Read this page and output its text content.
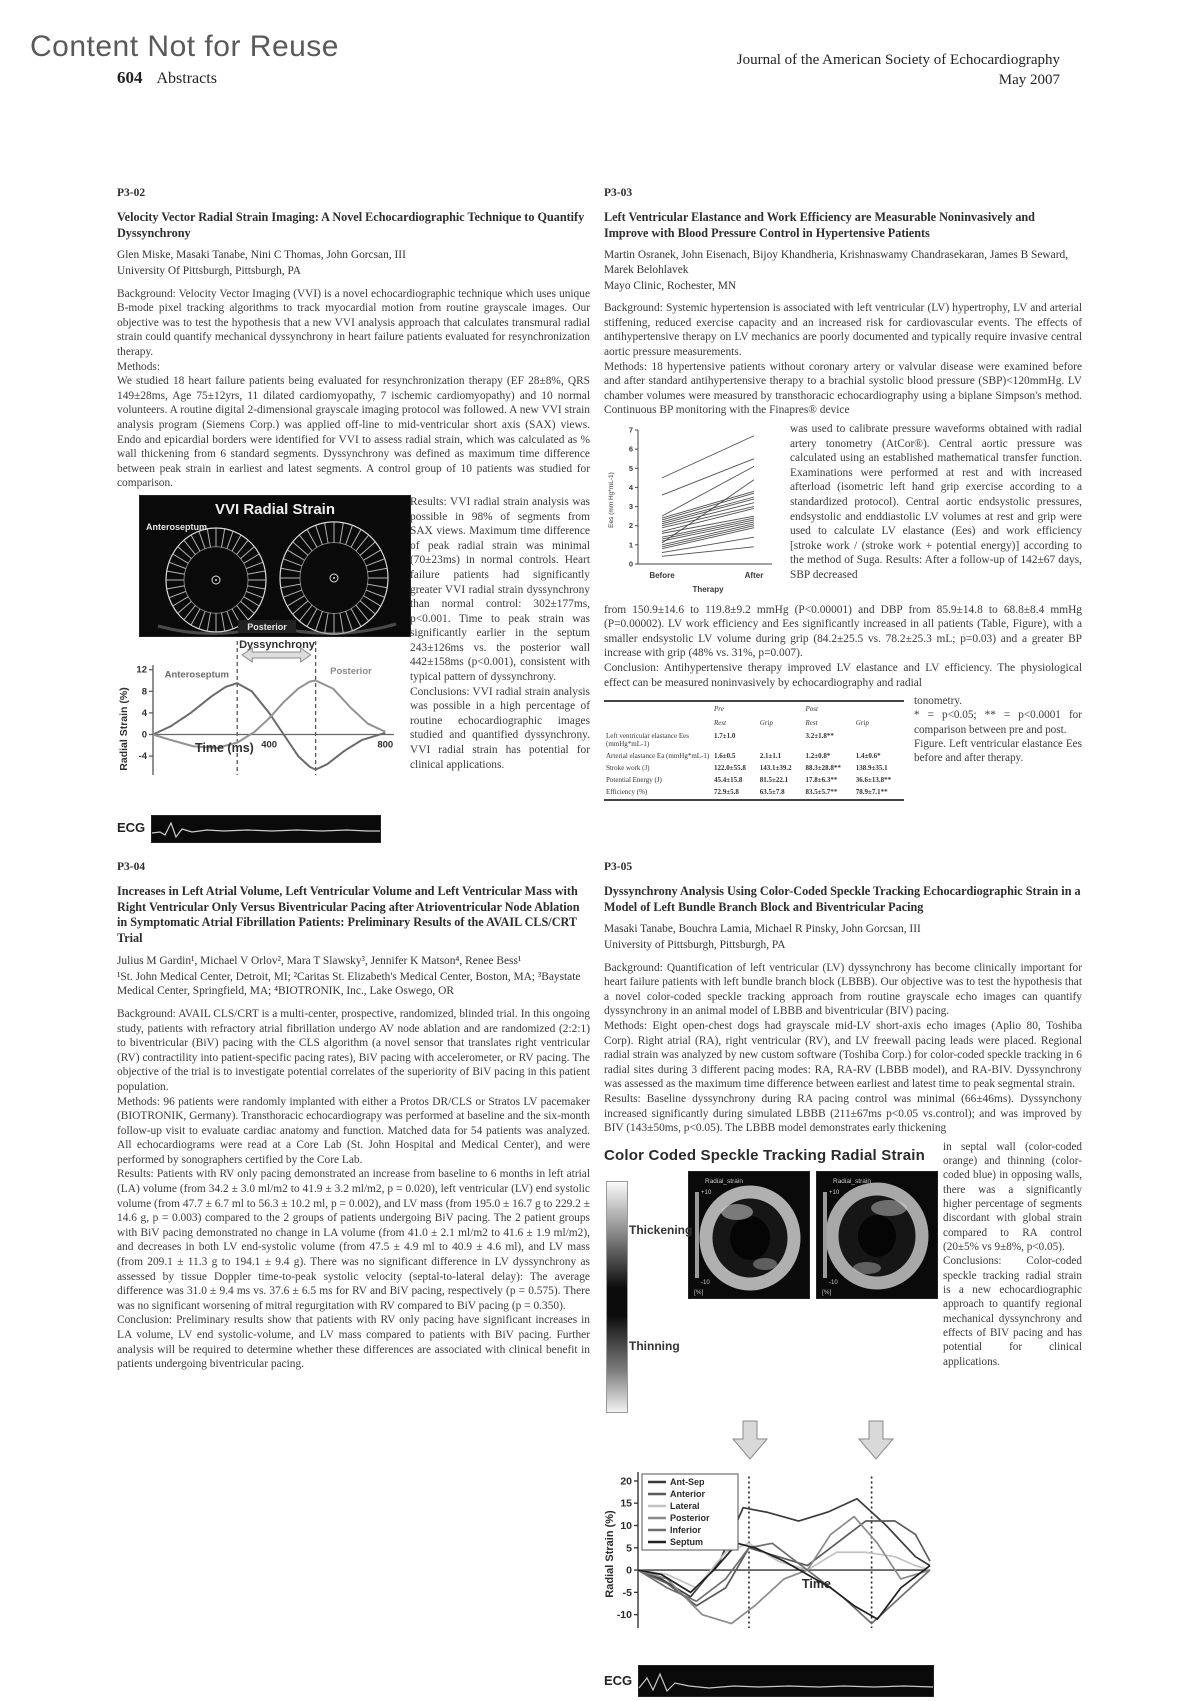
Content Not for Reuse
604 Abstracts
Journal of the American Society of Echocardiography
May 2007
P3-02
Velocity Vector Radial Strain Imaging: A Novel Echocardiographic Technique to Quantify Dyssynchrony
Glen Miske, Masaki Tanabe, Nini C Thomas, John Gorcsan, III
University Of Pittsburgh, Pittsburgh, PA

Background: Velocity Vector Imaging (VVI) is a novel echocardiographic technique which uses unique B-mode pixel tracking algorithms to track myocardial motion from routine grayscale images. Our objective was to test the hypothesis that a new VVI analysis approach that calculates transmural radial strain could quantify mechanical dyssynchrony in heart failure patients evaluated for resynchronization therapy.

Methods:

We studied 18 heart failure patients being evaluated for resynchronization therapy (EF 28±8%, QRS 149±28ms, Age 75±12yrs, 11 dilated cardiomyopathy, 7 ischemic cardiomyopathy) and 10 normal volunteers. A routine digital 2-dimensional grayscale imaging protocol was followed. A new VVI strain analysis program (Siemens Corp.) was applied off-line to mid-ventricular short axis (SAX) views. Endo and epicardial borders were identified for VVI to assess radial strain, which was calculated as % wall thickening from 6 standard segments. Dyssynchrony was defined as maximum time difference between peak strain in earliest and latest segments. A control group of 10 patients was studied for comparison.

VVI Radial Strain
Anteroseptum
Posterior
Dyssynchrony
Radial Strain (%)
12
8
4
0
-4
400	800
Anteroseptum	Posterior
Time (ms)
ECG

Results: VVI radial strain analysis was possible in 98% of segments from SAX views. Maximum time difference of peak radial strain was minimal (70±23ms) in normal controls. Heart failure patients had significantly greater VVI radial strain dyssynchrony than normal control: 302±177ms, p<0.001. Time to peak strain was significantly earlier in the septum 243±126ms vs. the posterior wall 442±158ms (p<0.001), consistent with typical pattern of dyssynchrony.

Conclusions: VVI radial strain analysis was possible in a high percentage of routine echocardiographic images studied and quantified dyssynchrony. VVI radial strain has potential for clinical applications.

P3-03
Left Ventricular Elastance and Work Efficiency are Measurable Noninvasively and Improve with Blood Pressure Control in Hypertensive Patients
Martin Osranek, John Eisenach, Bijoy Khandheria, Krishnaswamy Chandrasekaran, James B Seward, Marek Belohlavek
Mayo Clinic, Rochester, MN

Background: Systemic hypertension is associated with left ventricular (LV) hypertrophy, LV and arterial stiffening, reduced exercise capacity and an increased risk for cardiovascular events. The effects of antihypertensive therapy on LV mechanics are poorly documented and typically require invasive central aortic pressure measurements.

Methods: 18 hypertensive patients without coronary artery or valvular disease were examined before and after standard antihypertensive therapy to a brachial systolic blood pressure (SBP)<120mmHg. LV chamber volumes were measured by transthoracic echocardiography using a biplane Simpson's method. Continuous BP monitoring with the Finapres® device

Ees (mm Hg*mL-1)
0
1
2
3
4
5
6
7
Before	After
Therapy

was used to calibrate pressure waveforms obtained with radial artery tonometry (AtCor®). Central aortic pressure was calculated using an established mathematical transfer function. Examinations were performed at rest and with increased afterload (isometric left hand grip exercise according to a standardized protocol). Central aortic endsystolic pressures, endsystolic and enddiastolic LV volumes at rest and grip were used to calculate LV elastance (Ees) and work efficiency [stroke work / (stroke work + potential energy)] according to the method of Suga. Results: After a follow-up of 142±67 days, SBP decreased

from 150.9±14.6 to 119.8±9.2 mmHg (P<0.00001) and DBP from 85.9±14.8 to 68.8±8.4 mmHg (P=0.00002). LV work efficiency and Ees significantly increased in all patients (Table, Figure), with a smaller endsystolic LV volume during grip (84.2±25.5 vs. 78.2±25.3 mL; p=0.03) and a greater BP increase with grip (48% vs. 31%, p=0.007).

Conclusion: Antihypertensive therapy improved LV elastance and LV efficiency. The physiological effect can be measured noninvasively by echocardiography and radial

	Pre		Post	
	Rest	Grip	Rest	Grip
Left ventricular elastance Ees (mmHg*mL-1)	1.7±1.0		3.2±1.8**	
Arterial elastance Ea (mmHg*mL-1)	1.6±0.5	2.1±1.1	1.2±0.8*	1.4±0.6*
Stroke work (J)	122.0±55.8	143.1±39.2	88.3±28.8**	138.9±35.1
Potential Energy (J)	45.4±15.8	81.5±22.1	17.8±6.3**	36.6±13.8**
Efficiency (%)	72.9±5.8	63.5±7.8	83.5±5.7**	78.9±7.1**

tonometry.

* = p<0.05; ** = p<0.0001 for comparison between pre and post.

Figure. Left ventricular elastance Ees before and after therapy.

P3-04
Increases in Left Atrial Volume, Left Ventricular Volume and Left Ventricular Mass with Right Ventricular Only Versus Biventricular Pacing after Atrioventricular Node Ablation in Symptomatic Atrial Fibrillation Patients: Preliminary Results of the AVAIL CLS/CRT Trial
Julius M Gardin¹, Michael V Orlov², Mara T Slawsky³, Jennifer K Matson⁴, Renee Bess¹
¹St. John Medical Center, Detroit, MI; ²Caritas St. Elizabeth's Medical Center, Boston, MA; ³Baystate Medical Center, Springfield, MA; ⁴BIOTRONIK, Inc., Lake Oswego, OR

Background: AVAIL CLS/CRT is a multi-center, prospective, randomized, blinded trial. In this ongoing study, patients with refractory atrial fibrillation undergo AV node ablation and are randomized (2:2:1) to biventricular (BiV) pacing with the CLS algorithm (a novel sensor that translates right ventricular (RV) contractility into patient-specific pacing rates), BiV pacing with accelerometer, or RV pacing. The objective of the trial is to investigate potential correlates of the superiority of BiV pacing in this patient population.

Methods: 96 patients were randomly implanted with either a Protos DR/CLS or Stratos LV pacemaker (BIOTRONIK, Germany). Transthoracic echocardiograpy was performed at baseline and the six-month follow-up visit to evaluate cardiac anatomy and function. Matched data for 54 patients was analyzed. All echocardiograms were read at a Core Lab (St. John Hospital and Medical Center), and were performed by sonographers certified by the Core Lab.

Results: Patients with RV only pacing demonstrated an increase from baseline to 6 months in left atrial (LA) volume (from 34.2 ± 3.0 ml/m2 to 41.9 ± 3.2 ml/m2, p = 0.020), left ventricular (LV) end systolic volume (from 47.7 ± 6.7 ml to 56.3 ± 10.2 ml, p = 0.002), and LV mass (from 195.0 ± 16.7 g to 229.2 ± 14.6 g, p = 0.003) compared to the 2 groups of patients undergoing BiV pacing. The 2 patient groups with BiV pacing demonstrated no change in LA volume (from 41.0 ± 2.1 ml/m2 to 41.6 ± 1.9 ml/m2), and decreases in both LV end-systolic volume (from 47.5 ± 4.9 ml to 40.9 ± 4.6 ml), and LV mass (from 209.1 ± 11.3 g to 194.1 ± 9.4 g). There was no significant difference in LV dyssynchrony as assessed by tissue Doppler time-to-peak systolic velocity (septal-to-lateral delay): The average difference was 31.0 ± 9.4 ms vs. 37.6 ± 6.5 ms for RV and BiV pacing, respectively (p = 0.575). There was no significant worsening of mitral regurgitation with RV compared to BiV pacing (p = 0.350).

Conclusion: Preliminary results show that patients with RV only pacing have significant increases in LA volume, LV end systolic-volume, and LV mass compared to patients with BiV pacing. Further analysis will be required to determine whether these differences are associated with clinical benefit in patients undergoing biventricular pacing.

P3-05
Dyssynchrony Analysis Using Color-Coded Speckle Tracking Echocardiographic Strain in a Model of Left Bundle Branch Block and Biventricular Pacing
Masaki Tanabe, Bouchra Lamia, Michael R Pinsky, John Gorcsan, III
University of Pittsburgh, Pittsburgh, PA

Background: Quantification of left ventricular (LV) dyssynchrony has become clinically important for heart failure patients with left bundle branch block (LBBB). Our objective was to test the hypothesis that a novel color-coded speckle tracking approach from routine grayscale echo images can quantify dyssynchrony in an animal model of LBBB and biventricular (BIV) pacing.

Methods: Eight open-chest dogs had grayscale mid-LV short-axis echo images (Aplio 80, Toshiba Corp). Right atrial (RA), right ventricular (RV), and LV freewall pacing leads were placed. Regional radial strain was analyzed by new custom software (Toshiba Corp.) for color-coded speckle tracking in 6 radial sites during 3 different pacing modes: RA, RA-RV (LBBB model), and RA-BIV. Dyssynchrony was assessed as the maximum time difference between earliest and latest time to peak segmental strain.

Results: Baseline dyssynchrony during RA pacing control was minimal (66±46ms). Dyssynchony increased significantly during simulated LBBB (211±67ms p<0.05 vs.control); and was improved by BIV (143±50ms, p<0.05). The LBBB model demonstrates early thickening

Color Coded Speckle Tracking Radial Strain
Thickening
Thinning
Radial_strain
+10
-10
[%]
Radial_strain
+10
-10
[%]
Radial Strain (%)
20
15
10
5
0
-5
-10
Ant-Sep
Anterior
Lateral
Posterior
Inferior
Septum
Time
ECG

in septal wall (color-coded orange) and thinning (color-coded blue) in opposing walls, there was a significantly higher percentage of segments discordant with global strain compared to RA control (20±5% vs 9±8%, p<0.05).

Conclusions: Color-coded speckle tracking radial strain is a new echocardiographic approach to quantify regional mechanical dyssynchrony and effects of BIV pacing and has potential for clinical applications.
